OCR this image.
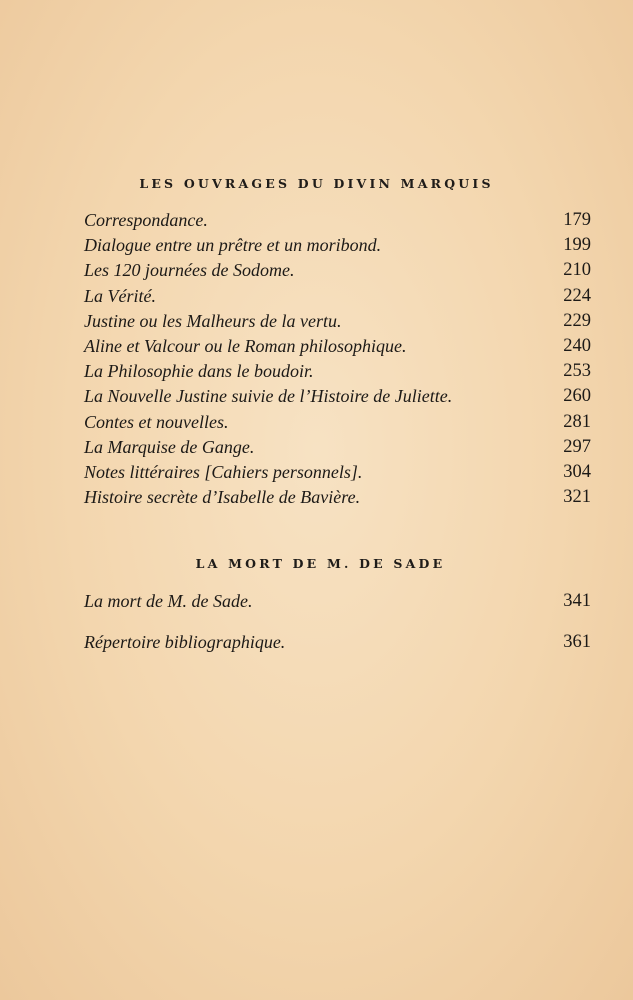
LES OUVRAGES DU DIVIN MARQUIS
Correspondance.	179
Dialogue entre un prêtre et un moribond.	199
Les 120 journées de Sodome.	210
La Vérité.	224
Justine ou les Malheurs de la vertu.	229
Aline et Valcour ou le Roman philosophique.	240
La Philosophie dans le boudoir.	253
La Nouvelle Justine suivie de l’Histoire de Juliette.	260
Contes et nouvelles.	281
La Marquise de Gange.	297
Notes littéraires [Cahiers personnels].	304
Histoire secrète d’Isabelle de Bavière.	321
LA MORT DE M. DE SADE
La mort de M. de Sade.	341
Répertoire bibliographique.	361
